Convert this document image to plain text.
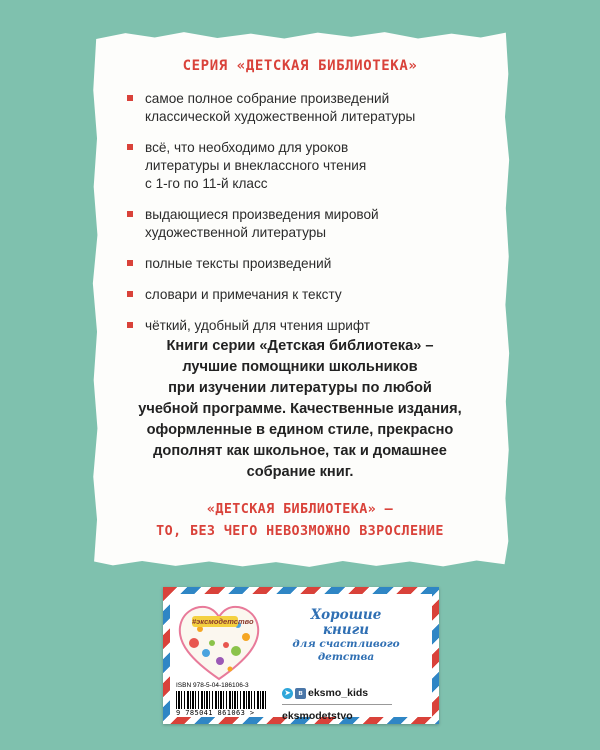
СЕРИЯ «ДЕТСКАЯ БИБЛИОТЕКА»
самое полное собрание произведений
классической художественной литературы
всё, что необходимо для уроков
литературы и внеклассного чтения
с 1-го по 11-й класс
выдающиеся произведения мировой
художественной литературы
полные тексты произведений
словари и примечания к тексту
чёткий, удобный для чтения шрифт
Книги серии «Детская библиотека» –
лучшие помощники школьников
при изучении литературы по любой
учебной программе. Качественные издания,
оформленные в едином стиле, прекрасно
дополнят как школьное, так и домашнее
собрание книг.
«ДЕТСКАЯ БИБЛИОТЕКА» –
ТО, БЕЗ ЧЕГО НЕВОЗМОЖНО ВЗРОСЛЕНИЕ
#эксмодетство	Хорошие
книги
для счастливого
детства
ISBN 978-5-04-186106-3
9 785041 861063 >
➤	в eksmo_kids
eksmodetstvo
